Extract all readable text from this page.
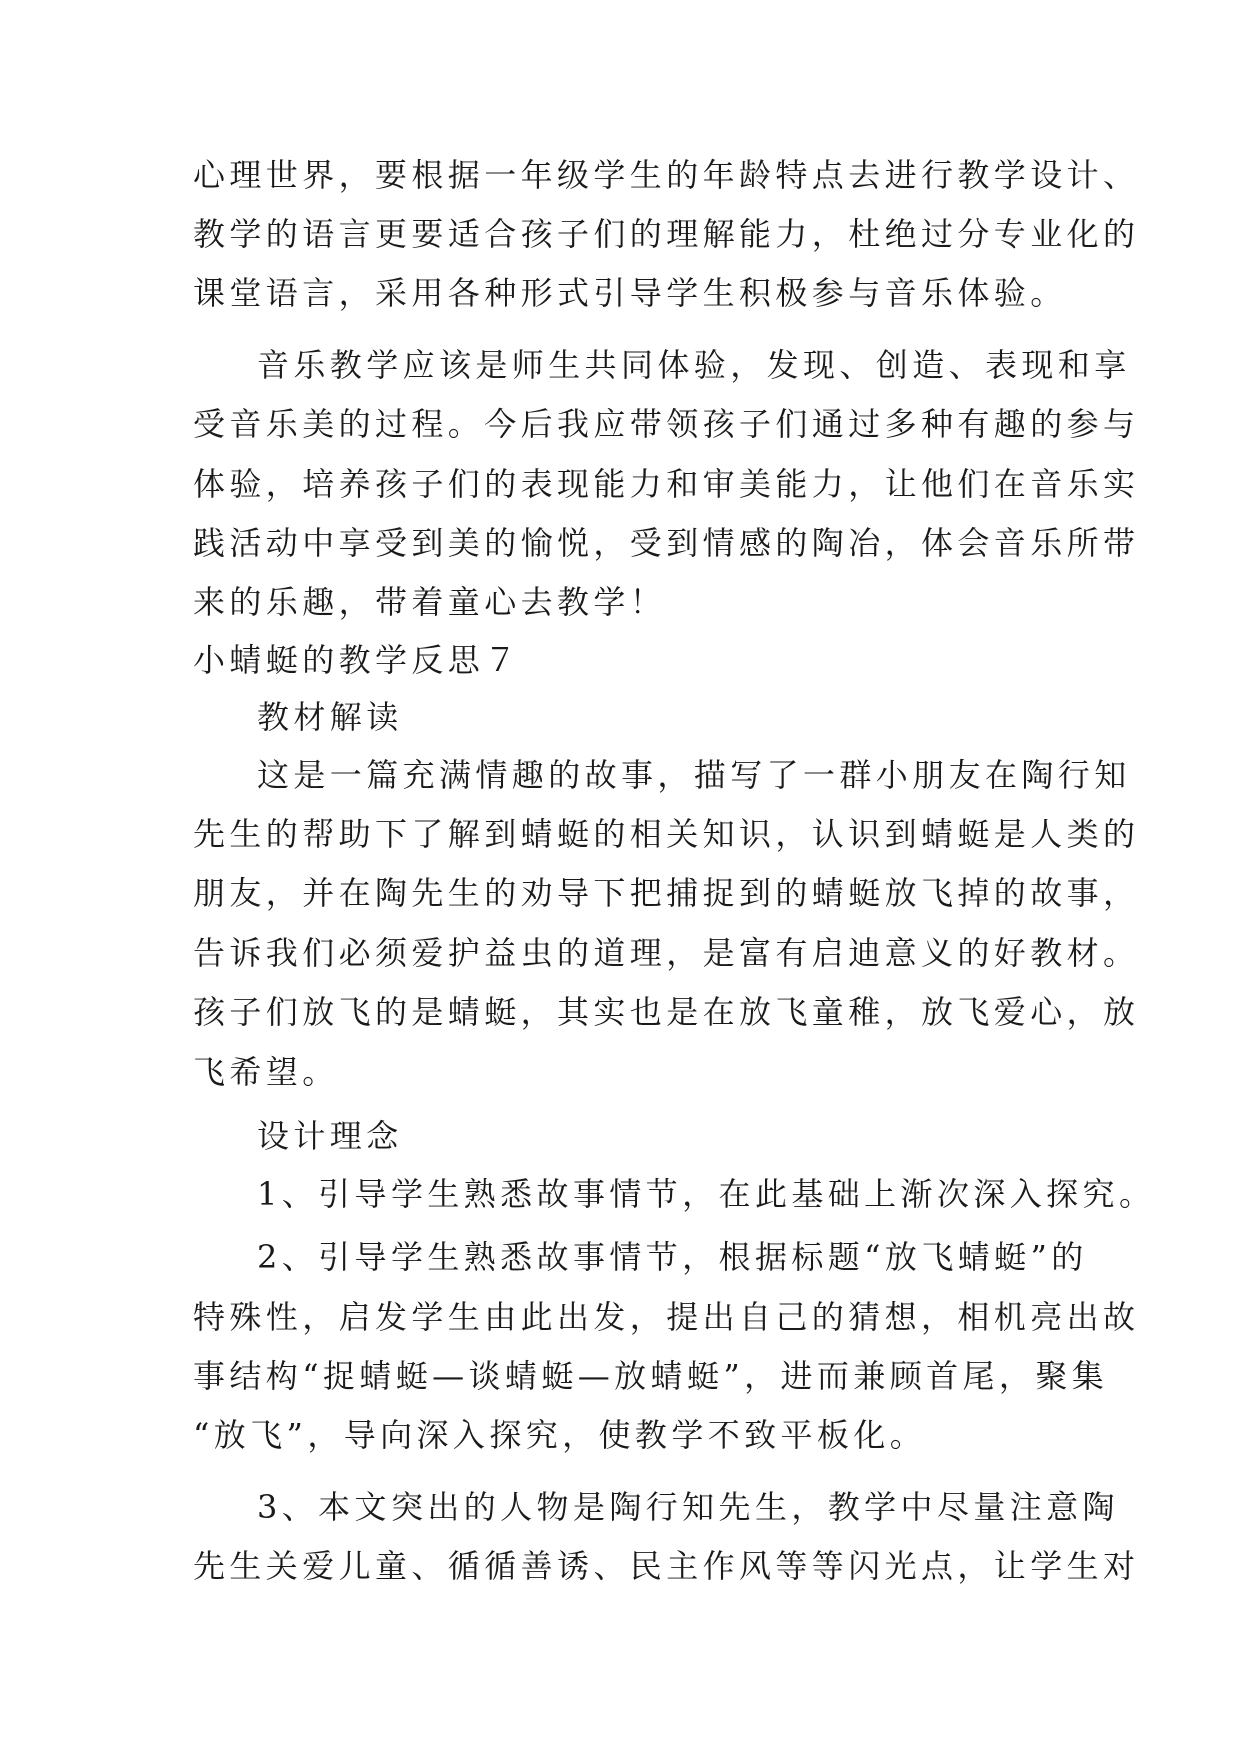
心理世界，要根据一年级学生的年龄特点去进行教学设计、
教学的语言更要适合孩子们的理解能力，杜绝过分专业化的
课堂语言，采用各种形式引导学生积极参与音乐体验。
音乐教学应该是师生共同体验，发现、创造、表现和享
受音乐美的过程。今后我应带领孩子们通过多种有趣的参与
体验，培养孩子们的表现能力和审美能力，让他们在音乐实
践活动中享受到美的愉悦，受到情感的陶冶，体会音乐所带
来的乐趣，带着童心去教学！
小蜻蜓的教学反思７
教材解读
这是一篇充满情趣的故事，描写了一群小朋友在陶行知
先生的帮助下了解到蜻蜓的相关知识，认识到蜻蜓是人类的
朋友，并在陶先生的劝导下把捕捉到的蜻蜓放飞掉的故事，
告诉我们必须爱护益虫的道理，是富有启迪意义的好教材。
孩子们放飞的是蜻蜓，其实也是在放飞童稚，放飞爱心，放
飞希望。
设计理念
1、引导学生熟悉故事情节，在此基础上渐次深入探究。
2、引导学生熟悉故事情节，根据标题“放飞蜻蜓”的
特殊性，启发学生由此出发，提出自己的猜想，相机亮出故
事结构“捉蜻蜓—谈蜻蜓—放蜻蜓”，进而兼顾首尾，聚集
“放飞”，导向深入探究，使教学不致平板化。
3、本文突出的人物是陶行知先生，教学中尽量注意陶
先生关爱儿童、循循善诱、民主作风等等闪光点，让学生对
